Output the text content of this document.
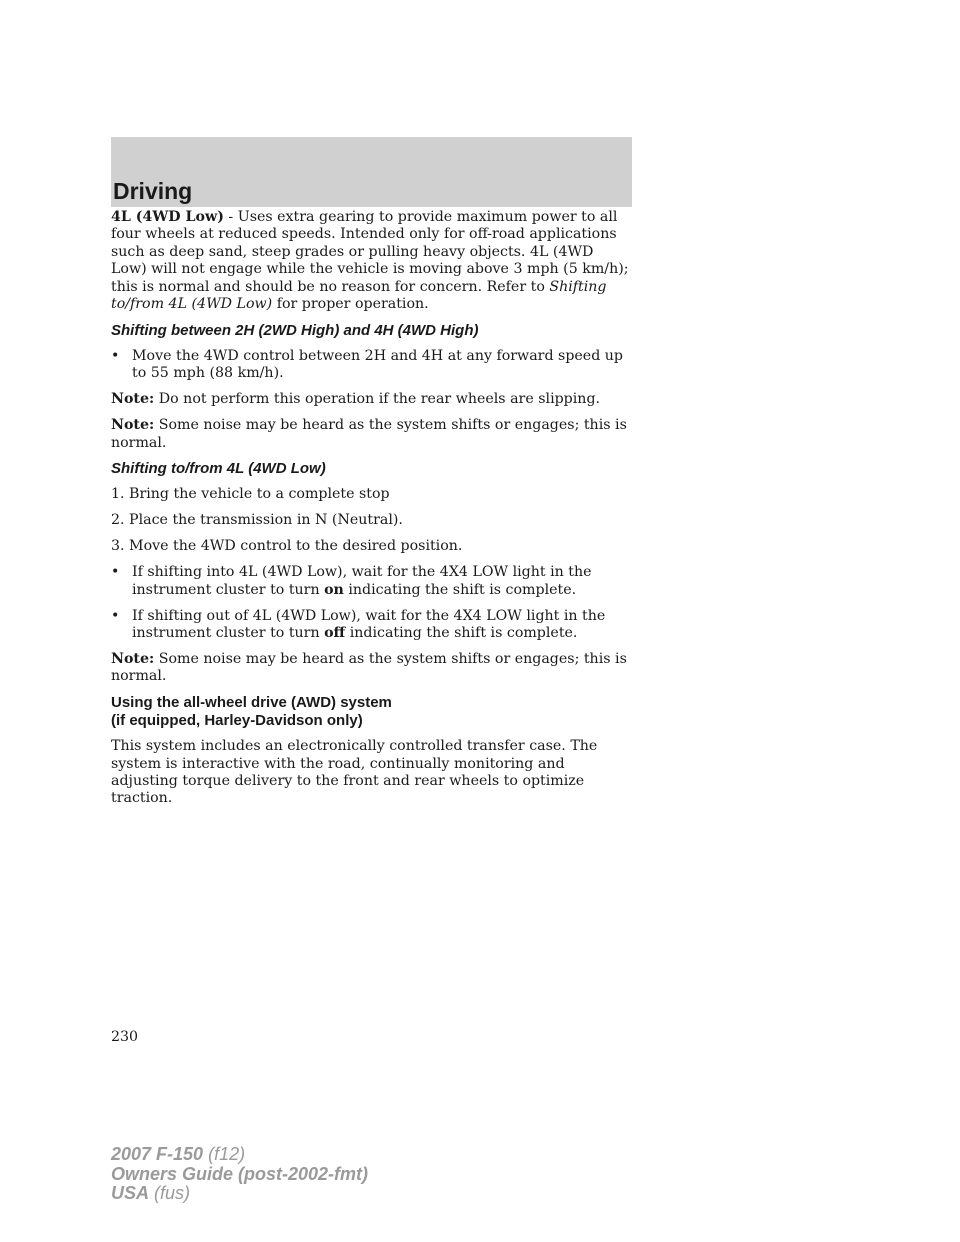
Driving

4L (4WD Low) - Uses extra gearing to provide maximum power to all four wheels at reduced speeds. Intended only for off-road applications such as deep sand, steep grades or pulling heavy objects. 4L (4WD Low) will not engage while the vehicle is moving above 3 mph (5 km/h); this is normal and should be no reason for concern. Refer to Shifting to/from 4L (4WD Low) for proper operation.

Shifting between 2H (2WD High) and 4H (4WD High)
• Move the 4WD control between 2H and 4H at any forward speed up to 55 mph (88 km/h).

Note: Do not perform this operation if the rear wheels are slipping.

Note: Some noise may be heard as the system shifts or engages; this is normal.

Shifting to/from 4L (4WD Low)

1. Bring the vehicle to a complete stop

2. Place the transmission in N (Neutral).

3. Move the 4WD control to the desired position.

• If shifting into 4L (4WD Low), wait for the 4X4 LOW light in the instrument cluster to turn on indicating the shift is complete.
• If shifting out of 4L (4WD Low), wait for the 4X4 LOW light in the instrument cluster to turn off indicating the shift is complete.

Note: Some noise may be heard as the system shifts or engages; this is normal.

Using the all-wheel drive (AWD) system
(if equipped, Harley-Davidson only)

This system includes an electronically controlled transfer case. The system is interactive with the road, continually monitoring and adjusting torque delivery to the front and rear wheels to optimize traction.

230
2007 F-150 (f12)
Owners Guide (post-2002-fmt)
USA (fus)
